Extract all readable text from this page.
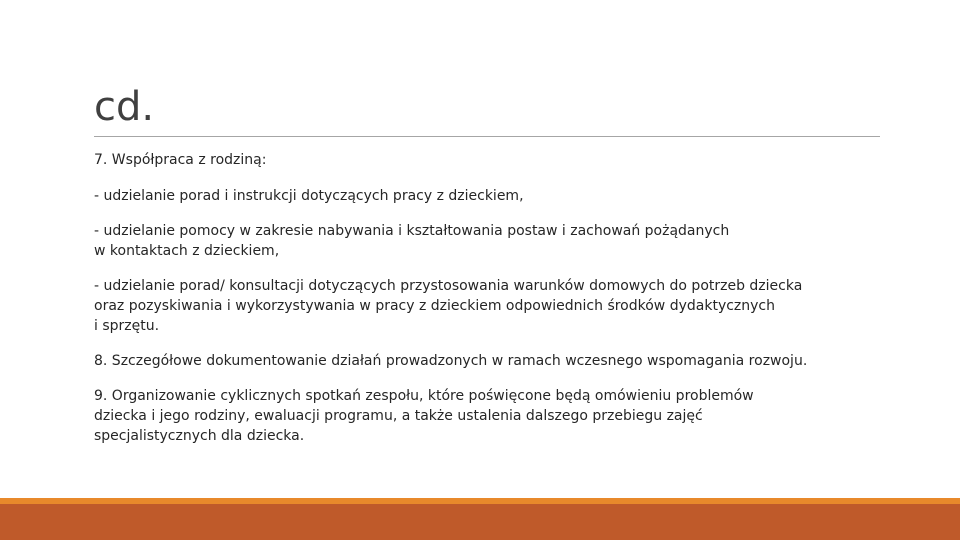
cd.

7. Współpraca z rodziną:

- udzielanie porad i instrukcji dotyczących pracy z dzieckiem,

- udzielanie pomocy w zakresie nabywania i kształtowania postaw i zachowań pożądanych
w kontaktach z dzieckiem,

- udzielanie porad/ konsultacji dotyczących przystosowania warunków domowych do potrzeb dziecka
oraz pozyskiwania i wykorzystywania w pracy z dzieckiem odpowiednich środków dydaktycznych
i sprzętu.

8. Szczegółowe dokumentowanie działań prowadzonych w ramach wczesnego wspomagania rozwoju.

9. Organizowanie cyklicznych spotkań zespołu, które poświęcone będą omówieniu problemów
dziecka i jego rodziny, ewaluacji programu, a także ustalenia dalszego przebiegu zajęć
specjalistycznych dla dziecka.
